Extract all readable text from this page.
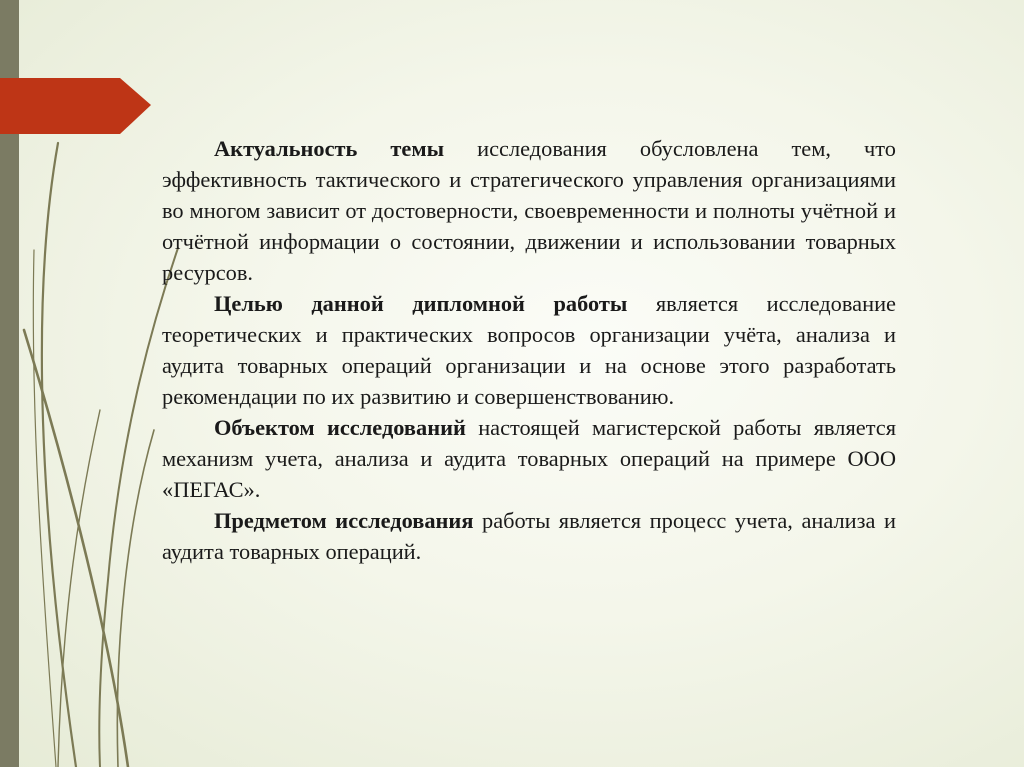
Актуальность темы исследования обусловлена тем, что эффективность тактического и стратегического управления организациями во многом зависит от достоверности, своевременности и полноты учётной и отчётной информации о состоянии, движении и использовании товарных ресурсов.

Целью данной дипломной работы является исследование теоретических и практических вопросов организации учёта, анализа и аудита товарных операций организации и на основе этого разработать рекомендации по их развитию и совершенствованию.

Объектом исследований настоящей магистерской работы является механизм учета, анализа и аудита товарных операций на примере ООО «ПЕГАС».

Предметом исследования работы является процесс учета, анализа и аудита товарных операций.
